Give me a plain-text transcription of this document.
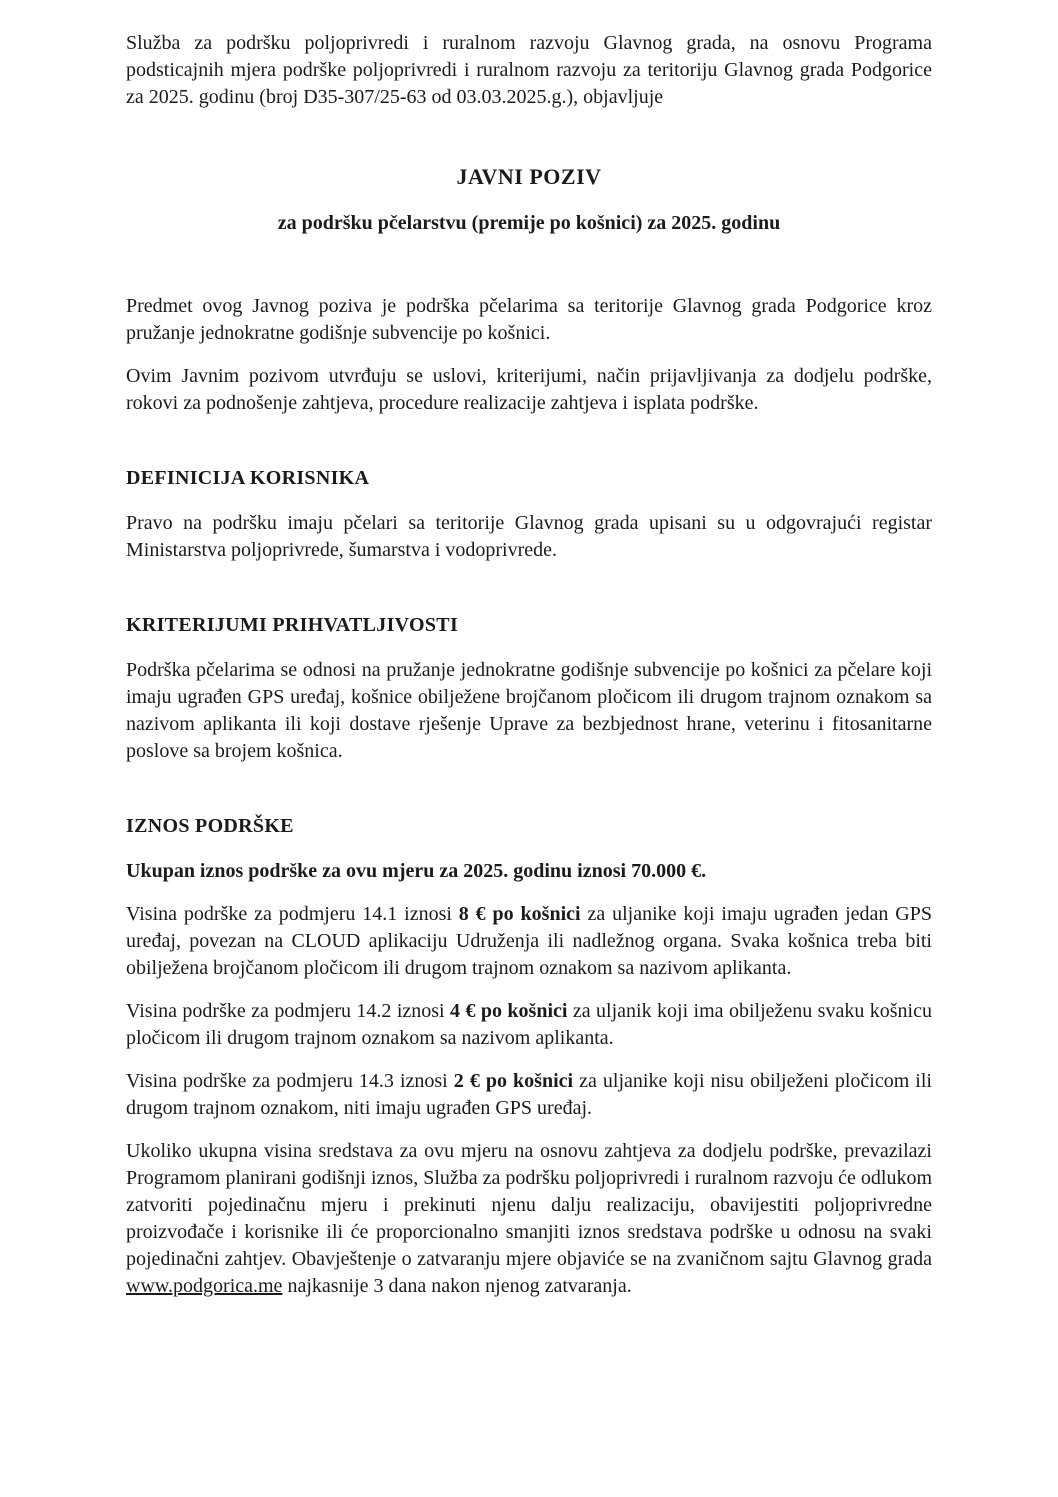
Služba za podršku poljoprivredi i ruralnom razvoju Glavnog grada, na osnovu Programa podsticajnih mjera podrške poljoprivredi i ruralnom razvoju za teritoriju Glavnog grada Podgorice za 2025. godinu (broj D35-307/25-63 od 03.03.2025.g.), objavljuje

JAVNI POZIV
za podršku pčelarstvu (premije po košnici) za 2025. godinu

Predmet ovog Javnog poziva je podrška pčelarima sa teritorije Glavnog grada Podgorice kroz pružanje jednokratne godišnje subvencije po košnici.

Ovim Javnim pozivom utvrđuju se uslovi, kriterijumi, način prijavljivanja za dodjelu podrške, rokovi za podnošenje zahtjeva, procedure realizacije zahtjeva i isplata podrške.

DEFINICIJA KORISNIKA

Pravo na podršku imaju pčelari sa teritorije Glavnog grada upisani su u odgovrajući registar Ministarstva poljoprivrede, šumarstva i vodoprivrede.

KRITERIJUMI PRIHVATLJIVOSTI

Podrška pčelarima se odnosi na pružanje jednokratne godišnje subvencije po košnici za pčelare koji imaju ugrađen GPS uređaj, košnice obilježene brojčanom pločicom ili drugom trajnom oznakom sa nazivom aplikanta ili koji dostave rješenje Uprave za bezbjednost hrane, veterinu i fitosanitarne poslove sa brojem košnica.

IZNOS PODRŠKE

Ukupan iznos podrške za ovu mjeru za 2025. godinu iznosi 70.000 €.

Visina podrške za podmjeru 14.1 iznosi 8 € po košnici za uljanike koji imaju ugrađen jedan GPS uređaj, povezan na CLOUD aplikaciju Udruženja ili nadležnog organa. Svaka košnica treba biti obilježena brojčanom pločicom ili drugom trajnom oznakom sa nazivom aplikanta.

Visina podrške za podmjeru 14.2 iznosi 4 € po košnici za uljanik koji ima obilježenu svaku košnicu pločicom ili drugom trajnom oznakom sa nazivom aplikanta.

Visina podrške za podmjeru 14.3 iznosi 2 € po košnici za uljanike koji nisu obilježeni pločicom ili drugom trajnom oznakom, niti imaju ugrađen GPS uređaj.

Ukoliko ukupna visina sredstava za ovu mjeru na osnovu zahtjeva za dodjelu podrške, prevazilazi Programom planirani godišnji iznos, Služba za podršku poljoprivredi i ruralnom razvoju će odlukom zatvoriti pojedinačnu mjeru i prekinuti njenu dalju realizaciju, obavijestiti poljoprivredne proizvođače i korisnike ili će proporcionalno smanjiti iznos sredstava podrške u odnosu na svaki pojedinačni zahtjev. Obavještenje o zatvaranju mjere objaviće se na zvaničnom sajtu Glavnog grada www.podgorica.me najkasnije 3 dana nakon njenog zatvaranja.
